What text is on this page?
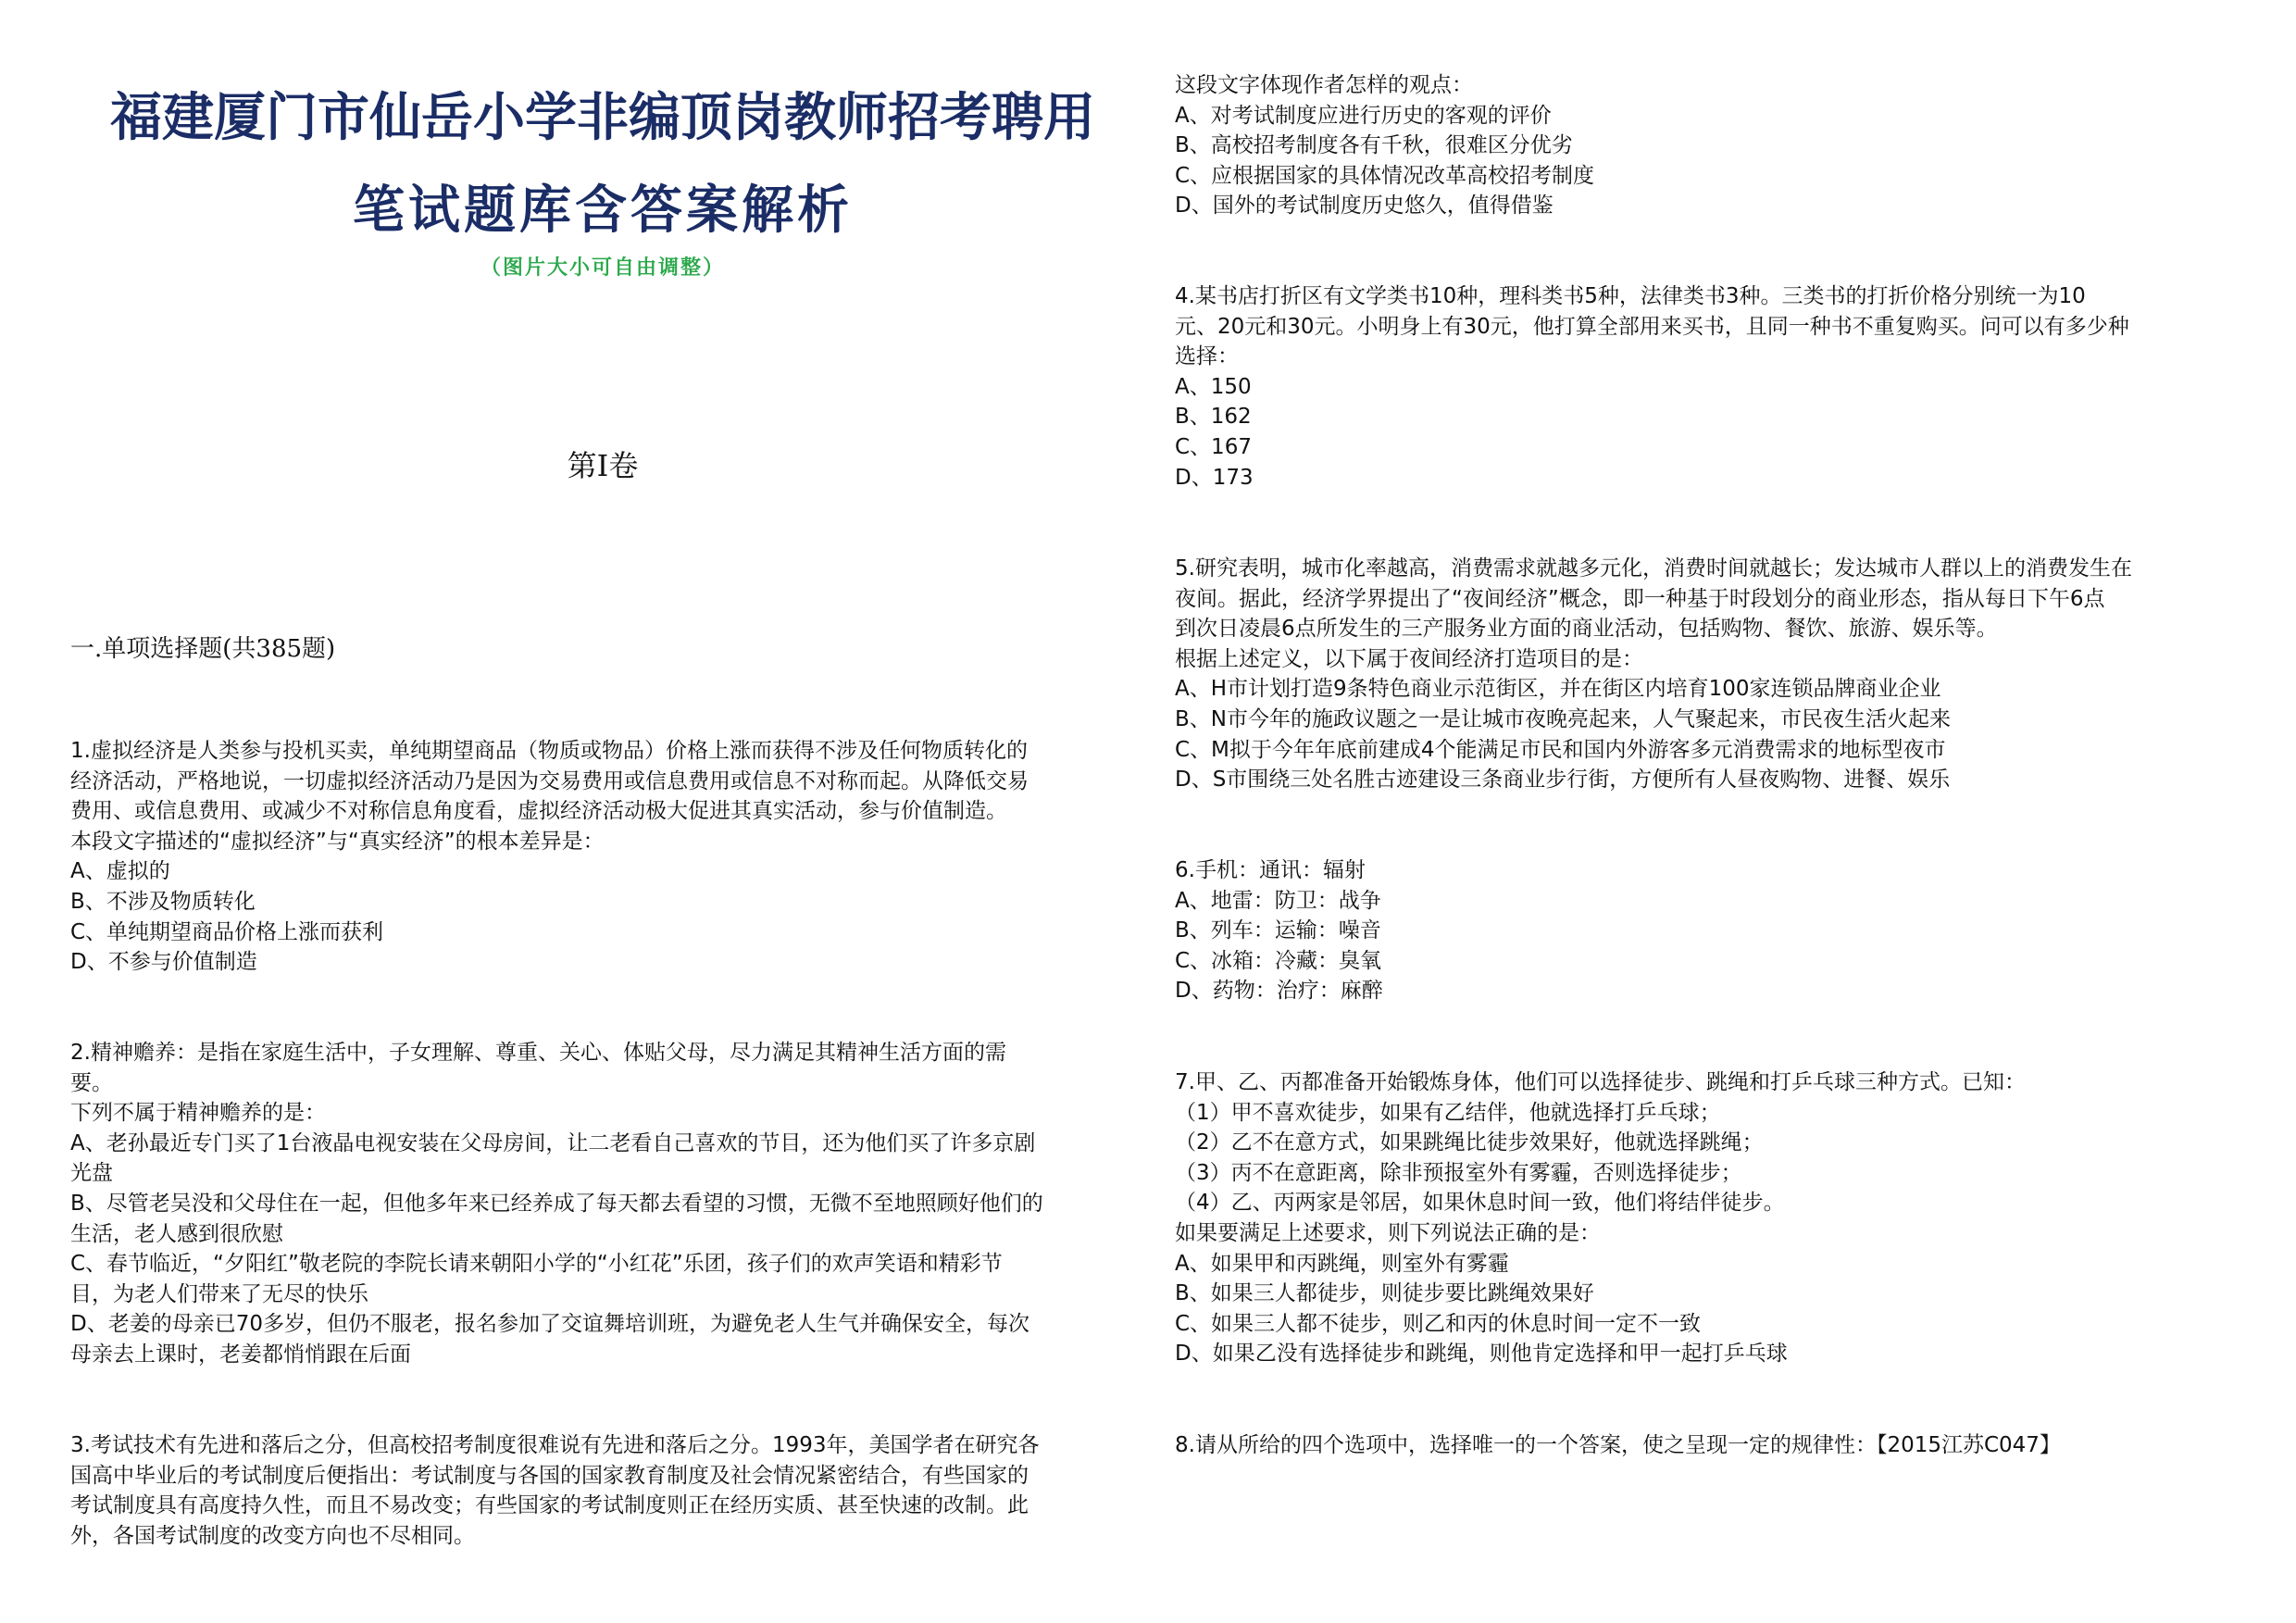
福建厦门市仙岳小学非编顶岗教师招考聘用
笔试题库含答案解析
（图片大小可自由调整）
第Ⅰ卷
一.单项选择题(共385题)
1.虚拟经济是人类参与投机买卖，单纯期望商品（物质或物品）价格上涨而获得不涉及任何物质转化的
经济活动，严格地说，一切虚拟经济活动乃是因为交易费用或信息费用或信息不对称而起。从降低交易
费用、或信息费用、或减少不对称信息角度看，虚拟经济活动极大促进其真实活动，参与价值制造。
本段文字描述的“虚拟经济”与“真实经济”的根本差异是：
A、虚拟的
B、不涉及物质转化
C、单纯期望商品价格上涨而获利
D、不参与价值制造
2.精神赡养：是指在家庭生活中，子女理解、尊重、关心、体贴父母，尽力满足其精神生活方面的需
要。
下列不属于精神赡养的是：
A、老孙最近专门买了1台液晶电视安装在父母房间，让二老看自己喜欢的节目，还为他们买了许多京剧
光盘
B、尽管老吴没和父母住在一起，但他多年来已经养成了每天都去看望的习惯，无微不至地照顾好他们的
生活，老人感到很欣慰
C、春节临近，“夕阳红”敬老院的李院长请来朝阳小学的“小红花”乐团，孩子们的欢声笑语和精彩节
目，为老人们带来了无尽的快乐
D、老姜的母亲已70多岁，但仍不服老，报名参加了交谊舞培训班，为避免老人生气并确保安全，每次
母亲去上课时，老姜都悄悄跟在后面
3.考试技术有先进和落后之分，但高校招考制度很难说有先进和落后之分。1993年，美国学者在研究各
国高中毕业后的考试制度后便指出：考试制度与各国的国家教育制度及社会情况紧密结合，有些国家的
考试制度具有高度持久性，而且不易改变；有些国家的考试制度则正在经历实质、甚至快速的改制。此
外，各国考试制度的改变方向也不尽相同。
这段文字体现作者怎样的观点：
A、对考试制度应进行历史的客观的评价
B、高校招考制度各有千秋，很难区分优劣
C、应根据国家的具体情况改革高校招考制度
D、国外的考试制度历史悠久，值得借鉴
4.某书店打折区有文学类书10种，理科类书5种，法律类书3种。三类书的打折价格分别统一为10
元、20元和30元。小明身上有30元，他打算全部用来买书，且同一种书不重复购买。问可以有多少种
选择：
A、150
B、162
C、167
D、173
5.研究表明，城市化率越高，消费需求就越多元化，消费时间就越长；发达城市人群以上的消费发生在
夜间。据此，经济学界提出了“夜间经济”概念，即一种基于时段划分的商业形态，指从每日下午6点
到次日凌晨6点所发生的三产服务业方面的商业活动，包括购物、餐饮、旅游、娱乐等。
根据上述定义，以下属于夜间经济打造项目的是：
A、H市计划打造9条特色商业示范街区，并在街区内培育100家连锁品牌商业企业
B、N市今年的施政议题之一是让城市夜晚亮起来，人气聚起来，市民夜生活火起来
C、M拟于今年年底前建成4个能满足市民和国内外游客多元消费需求的地标型夜市
D、S市围绕三处名胜古迹建设三条商业步行街，方便所有人昼夜购物、进餐、娱乐
6.手机：通讯：辐射
A、地雷：防卫：战争
B、列车：运输：噪音
C、冰箱：冷藏：臭氧
D、药物：治疗：麻醉
7.甲、乙、丙都准备开始锻炼身体，他们可以选择徒步、跳绳和打乒乓球三种方式。已知：
（1）甲不喜欢徒步，如果有乙结伴，他就选择打乒乓球；
（2）乙不在意方式，如果跳绳比徒步效果好，他就选择跳绳；
（3）丙不在意距离，除非预报室外有雾霾，否则选择徒步；
（4）乙、丙两家是邻居，如果休息时间一致，他们将结伴徒步。
如果要满足上述要求，则下列说法正确的是：
A、如果甲和丙跳绳，则室外有雾霾
B、如果三人都徒步，则徒步要比跳绳效果好
C、如果三人都不徒步，则乙和丙的休息时间一定不一致
D、如果乙没有选择徒步和跳绳，则他肯定选择和甲一起打乒乓球
8.请从所给的四个选项中，选择唯一的一个答案，使之呈现一定的规律性：【2015江苏C047】
